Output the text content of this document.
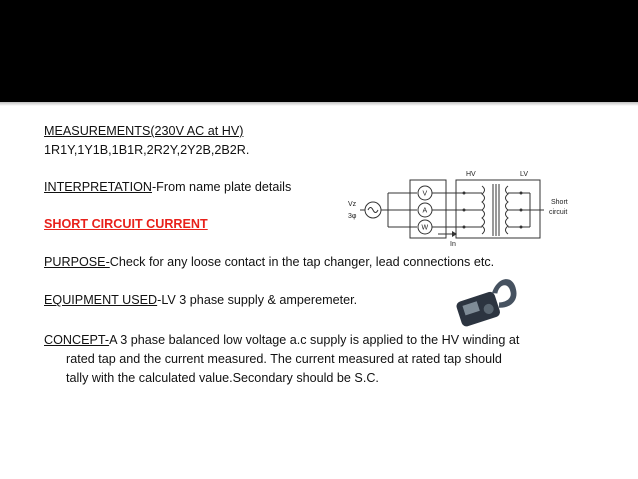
MEASUREMENTS(230V AC at HV)
1R1Y,1Y1B,1B1R,2R2Y,2Y2B,2B2R.
INTERPRETATION-From name plate details
SHORT CIRCUIT CURRENT
PURPOSE-Check for any loose contact in the tap changer, lead connections etc.
EQUIPMENT USED-LV 3 phase supply & amperemeter.
CONCEPT-A 3 phase balanced low voltage a.c supply is applied to the HV winding at
rated tap and the current measured. The current measured at rated tap should
tally with the calculated value.Secondary should be S.C.
HV	LV
Vz
3φ
V
A
W
In
Short
circuit
